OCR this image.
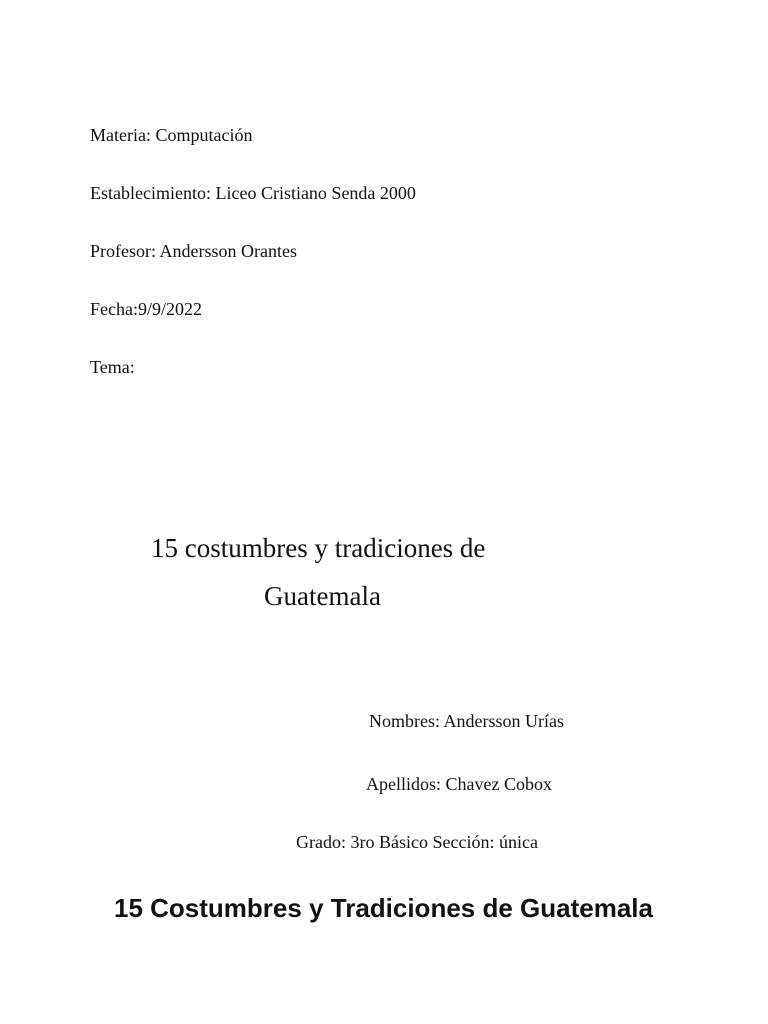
Materia: Computación
Establecimiento: Liceo Cristiano Senda 2000
Profesor: Andersson Orantes
Fecha:9/9/2022
Tema:
15 costumbres y tradiciones de
Guatemala
Nombres: Andersson Urías
Apellidos: Chavez Cobox
Grado: 3ro Básico Sección: única
15 Costumbres y Tradiciones de Guatemala
